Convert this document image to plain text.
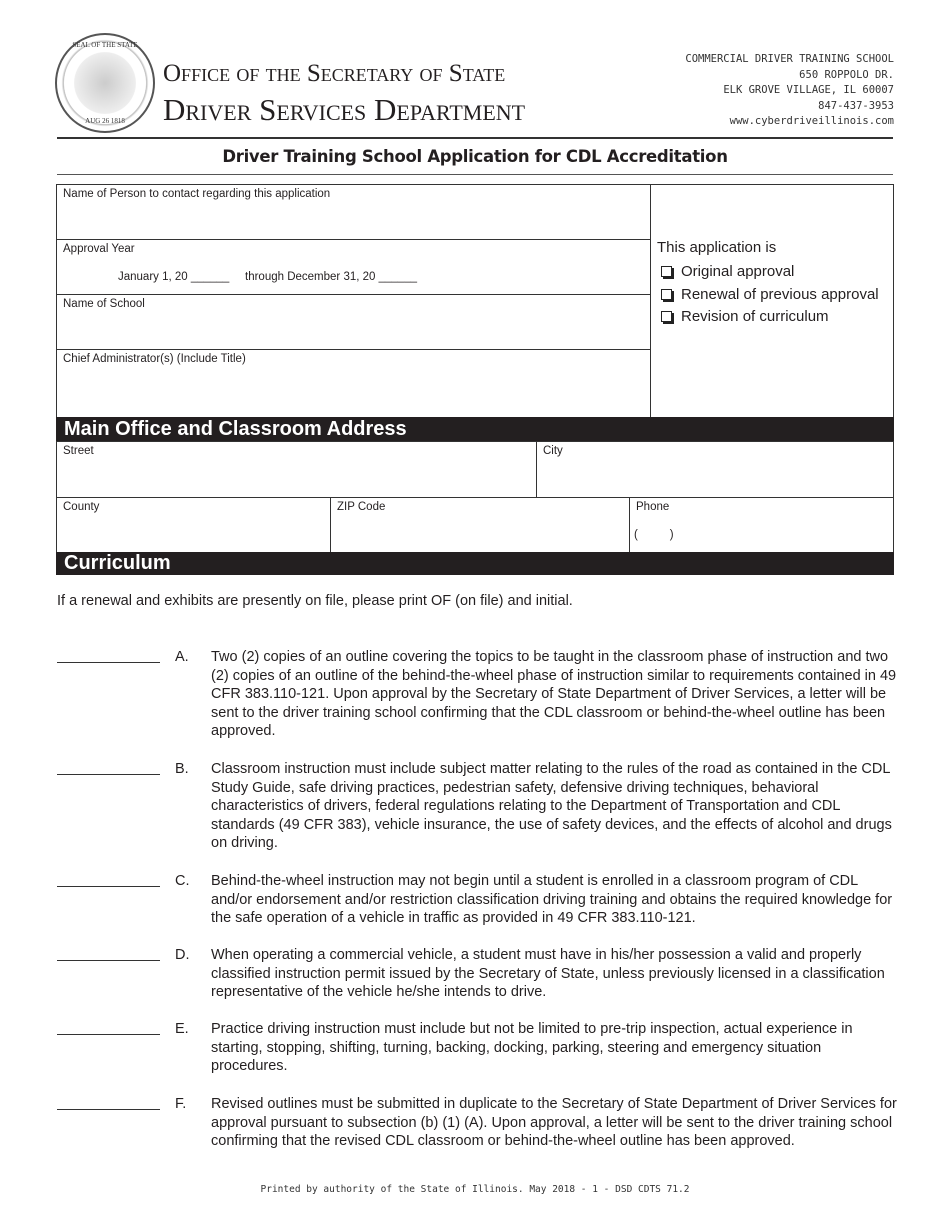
SEAL OF THE STATE
AUG 26 1818
Office of the Secretary of State
Driver Services Department
COMMERCIAL DRIVER TRAINING SCHOOL
650 ROPPOLO DR.
ELK GROVE VILLAGE, IL 60007
847-437-3953
www.cyberdriveillinois.com
Driver Training School Application for CDL Accreditation
Name of Person to contact regarding this application
Approval Year
January 1, 20 ______ through December 31, 20 ______
Name of School
Chief Administrator(s) (Include Title)
This application is
Original approval
Renewal of previous approval
Revision of curriculum
Main Office and Classroom Address
Street	City
County	ZIP Code	Phone
(          )
Curriculum
If a renewal and exhibits are presently on file, please print OF (on file) and initial.
A. Two (2) copies of an outline covering the topics to be taught in the classroom phase of instruction and two (2) copies of an outline of the behind-the-wheel phase of instruction similar to requirements contained in 49 CFR 383.110-121. Upon approval by the Secretary of State Department of Driver Services, a letter will be sent to the driver training school confirming that the CDL classroom or behind-the-wheel outline has been approved.
B. Classroom instruction must include subject matter relating to the rules of the road as contained in the CDL Study Guide, safe driving practices, pedestrian safety, defensive driving techniques, behavioral characteristics of drivers, federal regulations relating to the Department of Transportation and CDL standards (49 CFR 383), vehicle insurance, the use of safety devices, and the effects of alcohol and drugs on driving.
C. Behind-the-wheel instruction may not begin until a student is enrolled in a classroom program of CDL and/or endorsement and/or restriction classification driving training and obtains the required knowledge for the safe operation of a vehicle in traffic as provided in 49 CFR 383.110-121.
D. When operating a commercial vehicle, a student must have in his/her possession a valid and properly classified instruction permit issued by the Secretary of State, unless previously licensed in a classification representative of the vehicle he/she intends to drive.
E. Practice driving instruction must include but not be limited to pre-trip inspection, actual experience in starting, stopping, shifting, turning, backing, docking, parking, steering and emergency situation procedures.
F. Revised outlines must be submitted in duplicate to the Secretary of State Department of Driver Services for approval pursuant to subsection (b) (1) (A). Upon approval, a letter will be sent to the driver training school confirming that the revised CDL classroom or behind-the-wheel outline has been approved.
Printed by authority of the State of Illinois. May 2018 - 1 - DSD CDTS 71.2
